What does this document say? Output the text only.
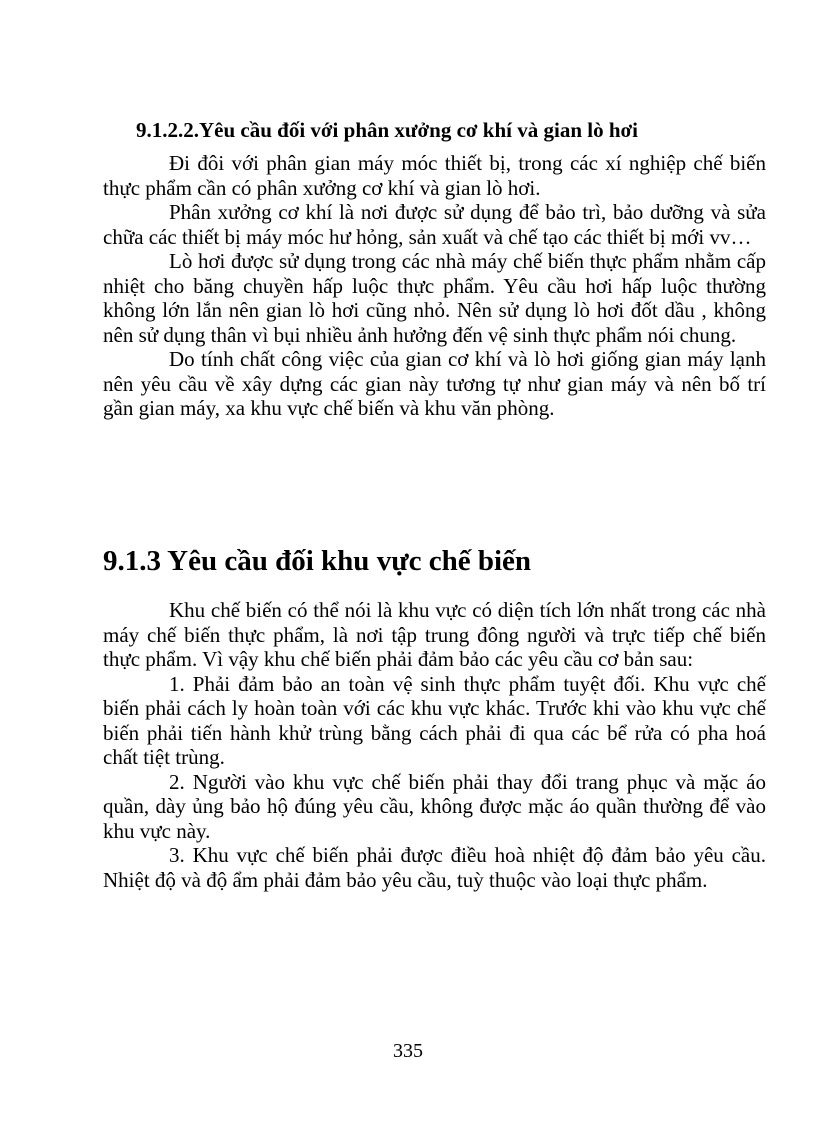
9.1.2.2.Yêu cầu đối với phân xưởng cơ khí và gian lò hơi

Đi đôi với phân gian máy móc thiết bị, trong các xí nghiệp chế biến thực phẩm cần có phân xưởng cơ khí và gian lò hơi.

Phân xưởng cơ khí là nơi được sử dụng để bảo trì, bảo dưỡng và sửa chữa các thiết bị máy móc hư hỏng, sản xuất và chế tạo các thiết bị mới vv…

Lò hơi được sử dụng trong các nhà máy chế biến thực phẩm nhằm cấp nhiệt cho băng chuyền hấp luộc thực phẩm. Yêu cầu hơi hấp luộc thường không lớn lắn nên gian lò hơi cũng nhỏ. Nên sử dụng lò hơi đốt dầu , không nên sử dụng thân vì bụi nhiều ảnh hưởng đến vệ sinh thực phẩm nói chung.

Do tính chất công việc của gian cơ khí và lò hơi giống gian máy lạnh nên yêu cầu về xây dựng các gian này tương tự như gian máy và nên bố trí gần gian máy, xa khu vực chế biến và khu văn phòng.

9.1.3 Yêu cầu đối khu vực chế biến

Khu chế biến có thể nói là khu vực có diện tích lớn nhất trong các nhà máy chế biến thực phẩm, là nơi tập trung đông người và trực tiếp chế biến thực phẩm. Vì vậy khu chế biến phải đảm bảo các yêu cầu cơ bản sau:

1. Phải đảm bảo an toàn vệ sinh thực phẩm tuyệt đối. Khu vực chế biến phải cách ly hoàn toàn với các khu vực khác. Trước khi vào khu vực chế biến phải tiến hành khử trùng bằng cách phải đi qua các bể rửa có pha hoá chất tiệt trùng.

2. Người vào khu vực chế biến phải thay đổi trang phục và mặc áo quần, dày ủng bảo hộ đúng yêu cầu, không được mặc áo quần thường để vào khu vực này.

3. Khu vực chế biến phải được điều hoà nhiệt độ đảm bảo yêu cầu. Nhiệt độ và độ ẩm phải đảm bảo yêu cầu, tuỳ thuộc vào loại thực phẩm.

335
